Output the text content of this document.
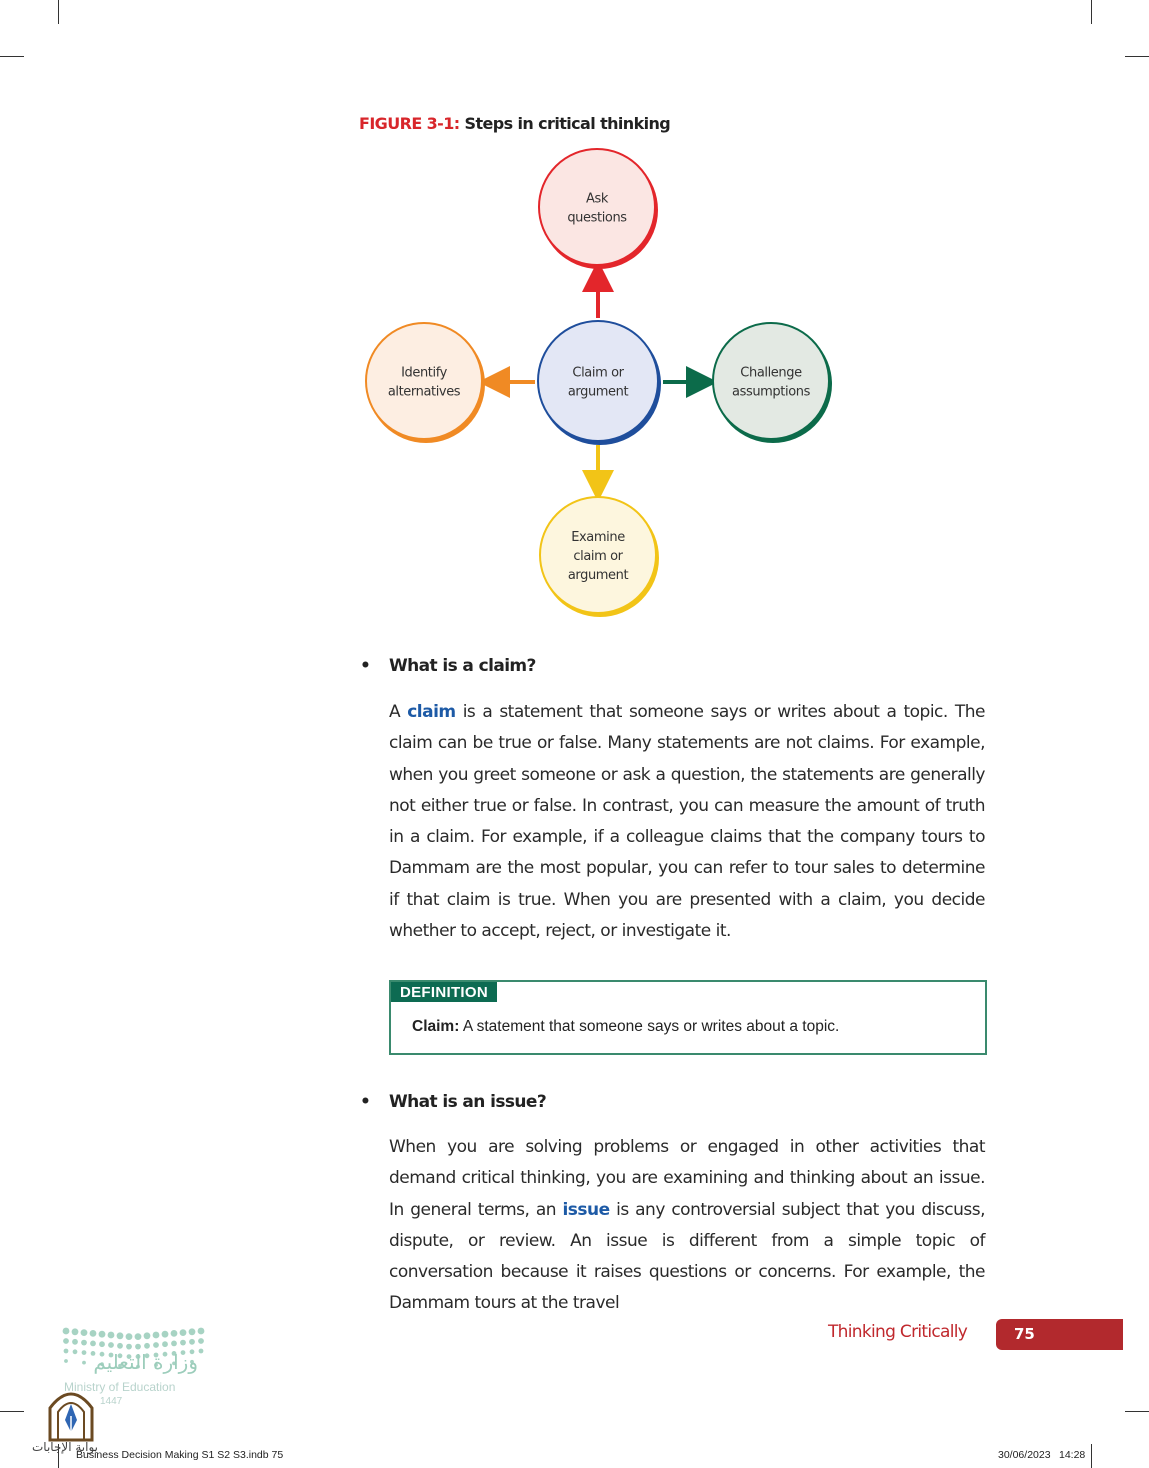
FIGURE 3-1: Steps in critical thinking
Claim or
argument
Ask
questions
Challenge
assumptions
Examine
claim or
argument
Identify
alternatives
• What is a claim?
A claim is a statement that someone says or writes about a topic. The claim can be true or false. Many statements are not claims. For example, when you greet someone or ask a question, the statements are generally not either true or false. In contrast, you can measure the amount of truth in a claim. For example, if a colleague claims that the company tours to Dammam are the most popular, you can refer to tour sales to determine if that claim is true. When you are presented with a claim, you decide whether to accept, reject, or investigate it.
DEFINITION
Claim: A statement that someone says or writes about a topic.
• What is an issue?
When you are solving problems or engaged in other activities that demand critical thinking, you are examining and thinking about an issue. In general terms, an issue is any controversial subject that you discuss, dispute, or review. An issue is different from a simple topic of conversation because it raises questions or concerns. For example, the Dammam tours at the travel
Thinking Critically	75
وزارة التعليم
Ministry of Education
1447
بوابة الإجابات
Business Decision Making S1 S2 S3.indb 75	30/06/2023 14:28
